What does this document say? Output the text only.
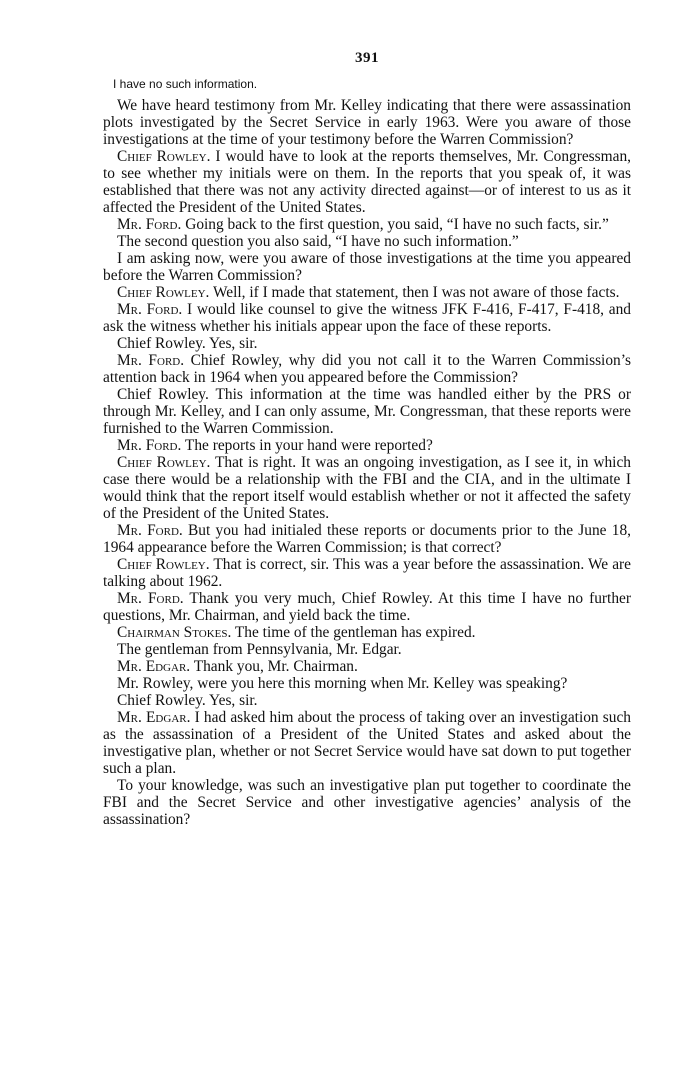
391
I have no such information.

We have heard testimony from Mr. Kelley indicating that there were assassination plots investigated by the Secret Service in early 1963. Were you aware of those investigations at the time of your testimony before the Warren Commission?

Chief Rowley. I would have to look at the reports themselves, Mr. Congressman, to see whether my initials were on them. In the reports that you speak of, it was established that there was not any activity directed against—or of interest to us as it affected the President of the United States.

Mr. Ford. Going back to the first question, you said, “I have no such facts, sir.”

The second question you also said, “I have no such information.”

I am asking now, were you aware of those investigations at the time you appeared before the Warren Commission?

Chief Rowley. Well, if I made that statement, then I was not aware of those facts.

Mr. Ford. I would like counsel to give the witness JFK F-416, F-417, F-418, and ask the witness whether his initials appear upon the face of these reports.

Chief Rowley. Yes, sir.

Mr. Ford. Chief Rowley, why did you not call it to the Warren Commission’s attention back in 1964 when you appeared before the Commission?

Chief Rowley. This information at the time was handled either by the PRS or through Mr. Kelley, and I can only assume, Mr. Congressman, that these reports were furnished to the Warren Commission.

Mr. Ford. The reports in your hand were reported?

Chief Rowley. That is right. It was an ongoing investigation, as I see it, in which case there would be a relationship with the FBI and the CIA, and in the ultimate I would think that the report itself would establish whether or not it affected the safety of the President of the United States.

Mr. Ford. But you had initialed these reports or documents prior to the June 18, 1964 appearance before the Warren Commission; is that correct?

Chief Rowley. That is correct, sir. This was a year before the assassination. We are talking about 1962.

Mr. Ford. Thank you very much, Chief Rowley. At this time I have no further questions, Mr. Chairman, and yield back the time.

Chairman Stokes. The time of the gentleman has expired.

The gentleman from Pennsylvania, Mr. Edgar.

Mr. Edgar. Thank you, Mr. Chairman.

Mr. Rowley, were you here this morning when Mr. Kelley was speaking?

Chief Rowley. Yes, sir.

Mr. Edgar. I had asked him about the process of taking over an investigation such as the assassination of a President of the United States and asked about the investigative plan, whether or not Secret Service would have sat down to put together such a plan.

To your knowledge, was such an investigative plan put together to coordinate the FBI and the Secret Service and other investigative agencies’ analysis of the assassination?
